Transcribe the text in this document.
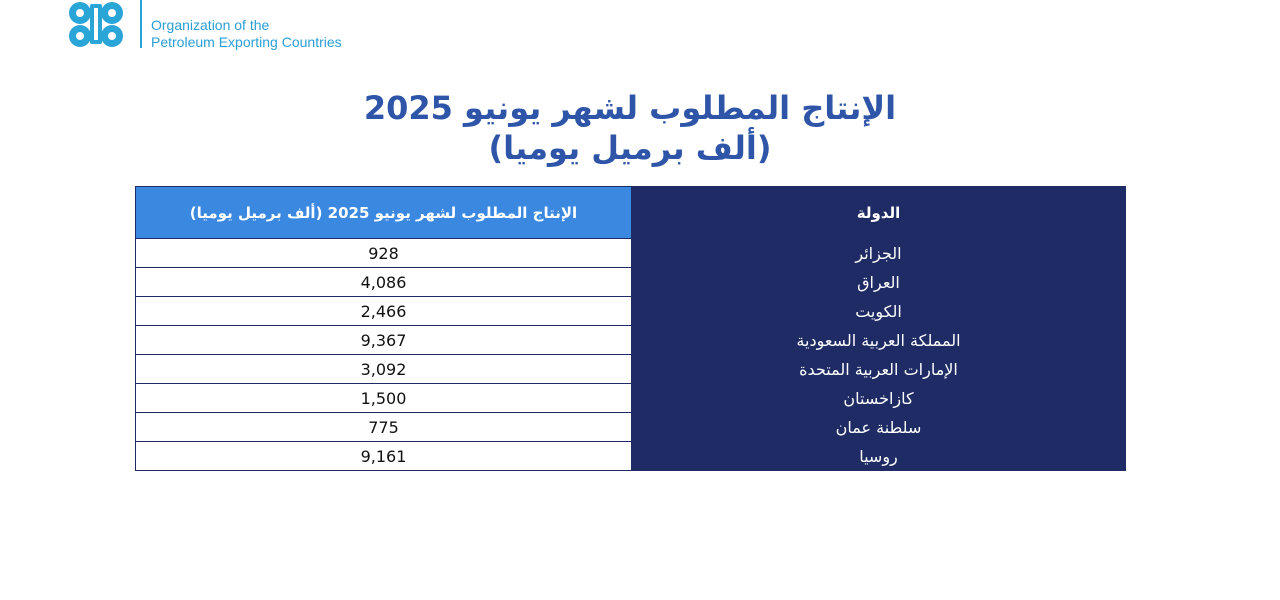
Organization of the
Petroleum Exporting Countries
الإنتاج المطلوب لشهر يونيو 2025
(ألف برميل يوميا)
الإنتاج المطلوب لشهر يونيو 2025 (ألف برميل يوميا)	الدولة
928	الجزائر
4,086	العراق
2,466	الكويت
9,367	المملكة العربية السعودية
3,092	الإمارات العربية المتحدة
1,500	كازاخستان
775	سلطنة عمان
9,161	روسيا
